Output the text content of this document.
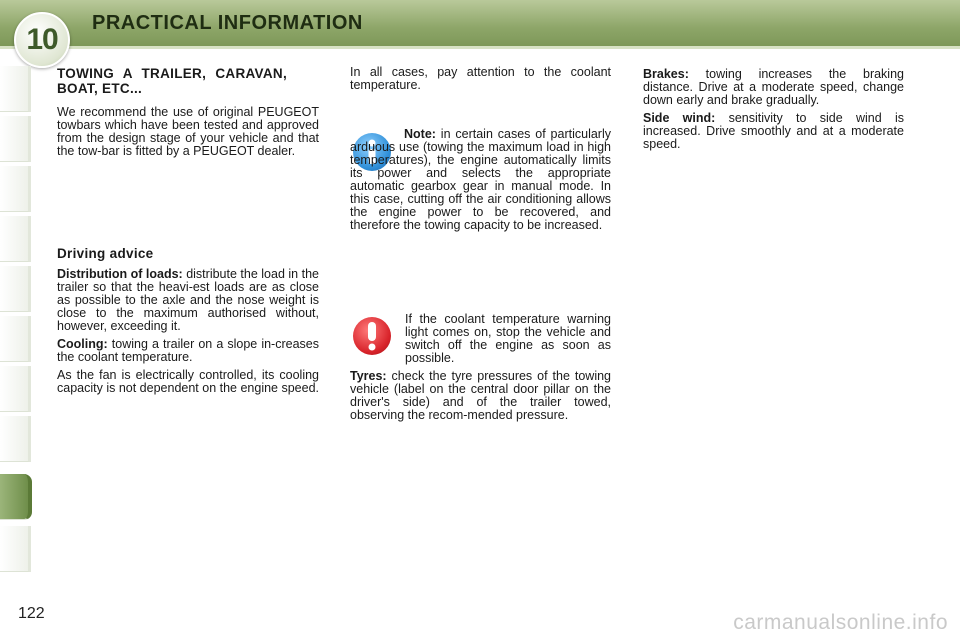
10 PRACTICAL INFORMATION
TOWING A TRAILER, CARAVAN, BOAT, ETC...

We recommend the use of original PEUGEOT towbars which have been tested and approved from the design stage of your vehicle and that the tow-bar is fitted by a PEUGEOT dealer.

Driving advice

Distribution of loads: distribute the load in the trailer so that the heavi-est loads are as close as possible to the axle and the nose weight is close to the maximum authorised without, however, exceeding it.

Cooling: towing a trailer on a slope in-creases the coolant temperature.

As the fan is electrically controlled, its cooling capacity is not dependent on the engine speed.

In all cases, pay attention to the coolant temperature.

Note: in certain cases of particularly arduous use (towing the maximum load in high temperatures), the engine automatically limits its power and selects the appropriate automatic gearbox gear in manual mode. In this case, cutting off the air conditioning allows the engine power to be recovered, and therefore the towing capacity to be increased.

If the coolant temperature warning light comes on, stop the vehicle and switch off the engine as soon as possible.

Tyres: check the tyre pressures of the towing vehicle (label on the central door pillar on the driver's side) and of the trailer towed, observing the recom-mended pressure.

Brakes: towing increases the braking distance. Drive at a moderate speed, change down early and brake gradually.

Side wind: sensitivity to side wind is increased. Drive smoothly and at a moderate speed.

122	carmanualsonline.info
